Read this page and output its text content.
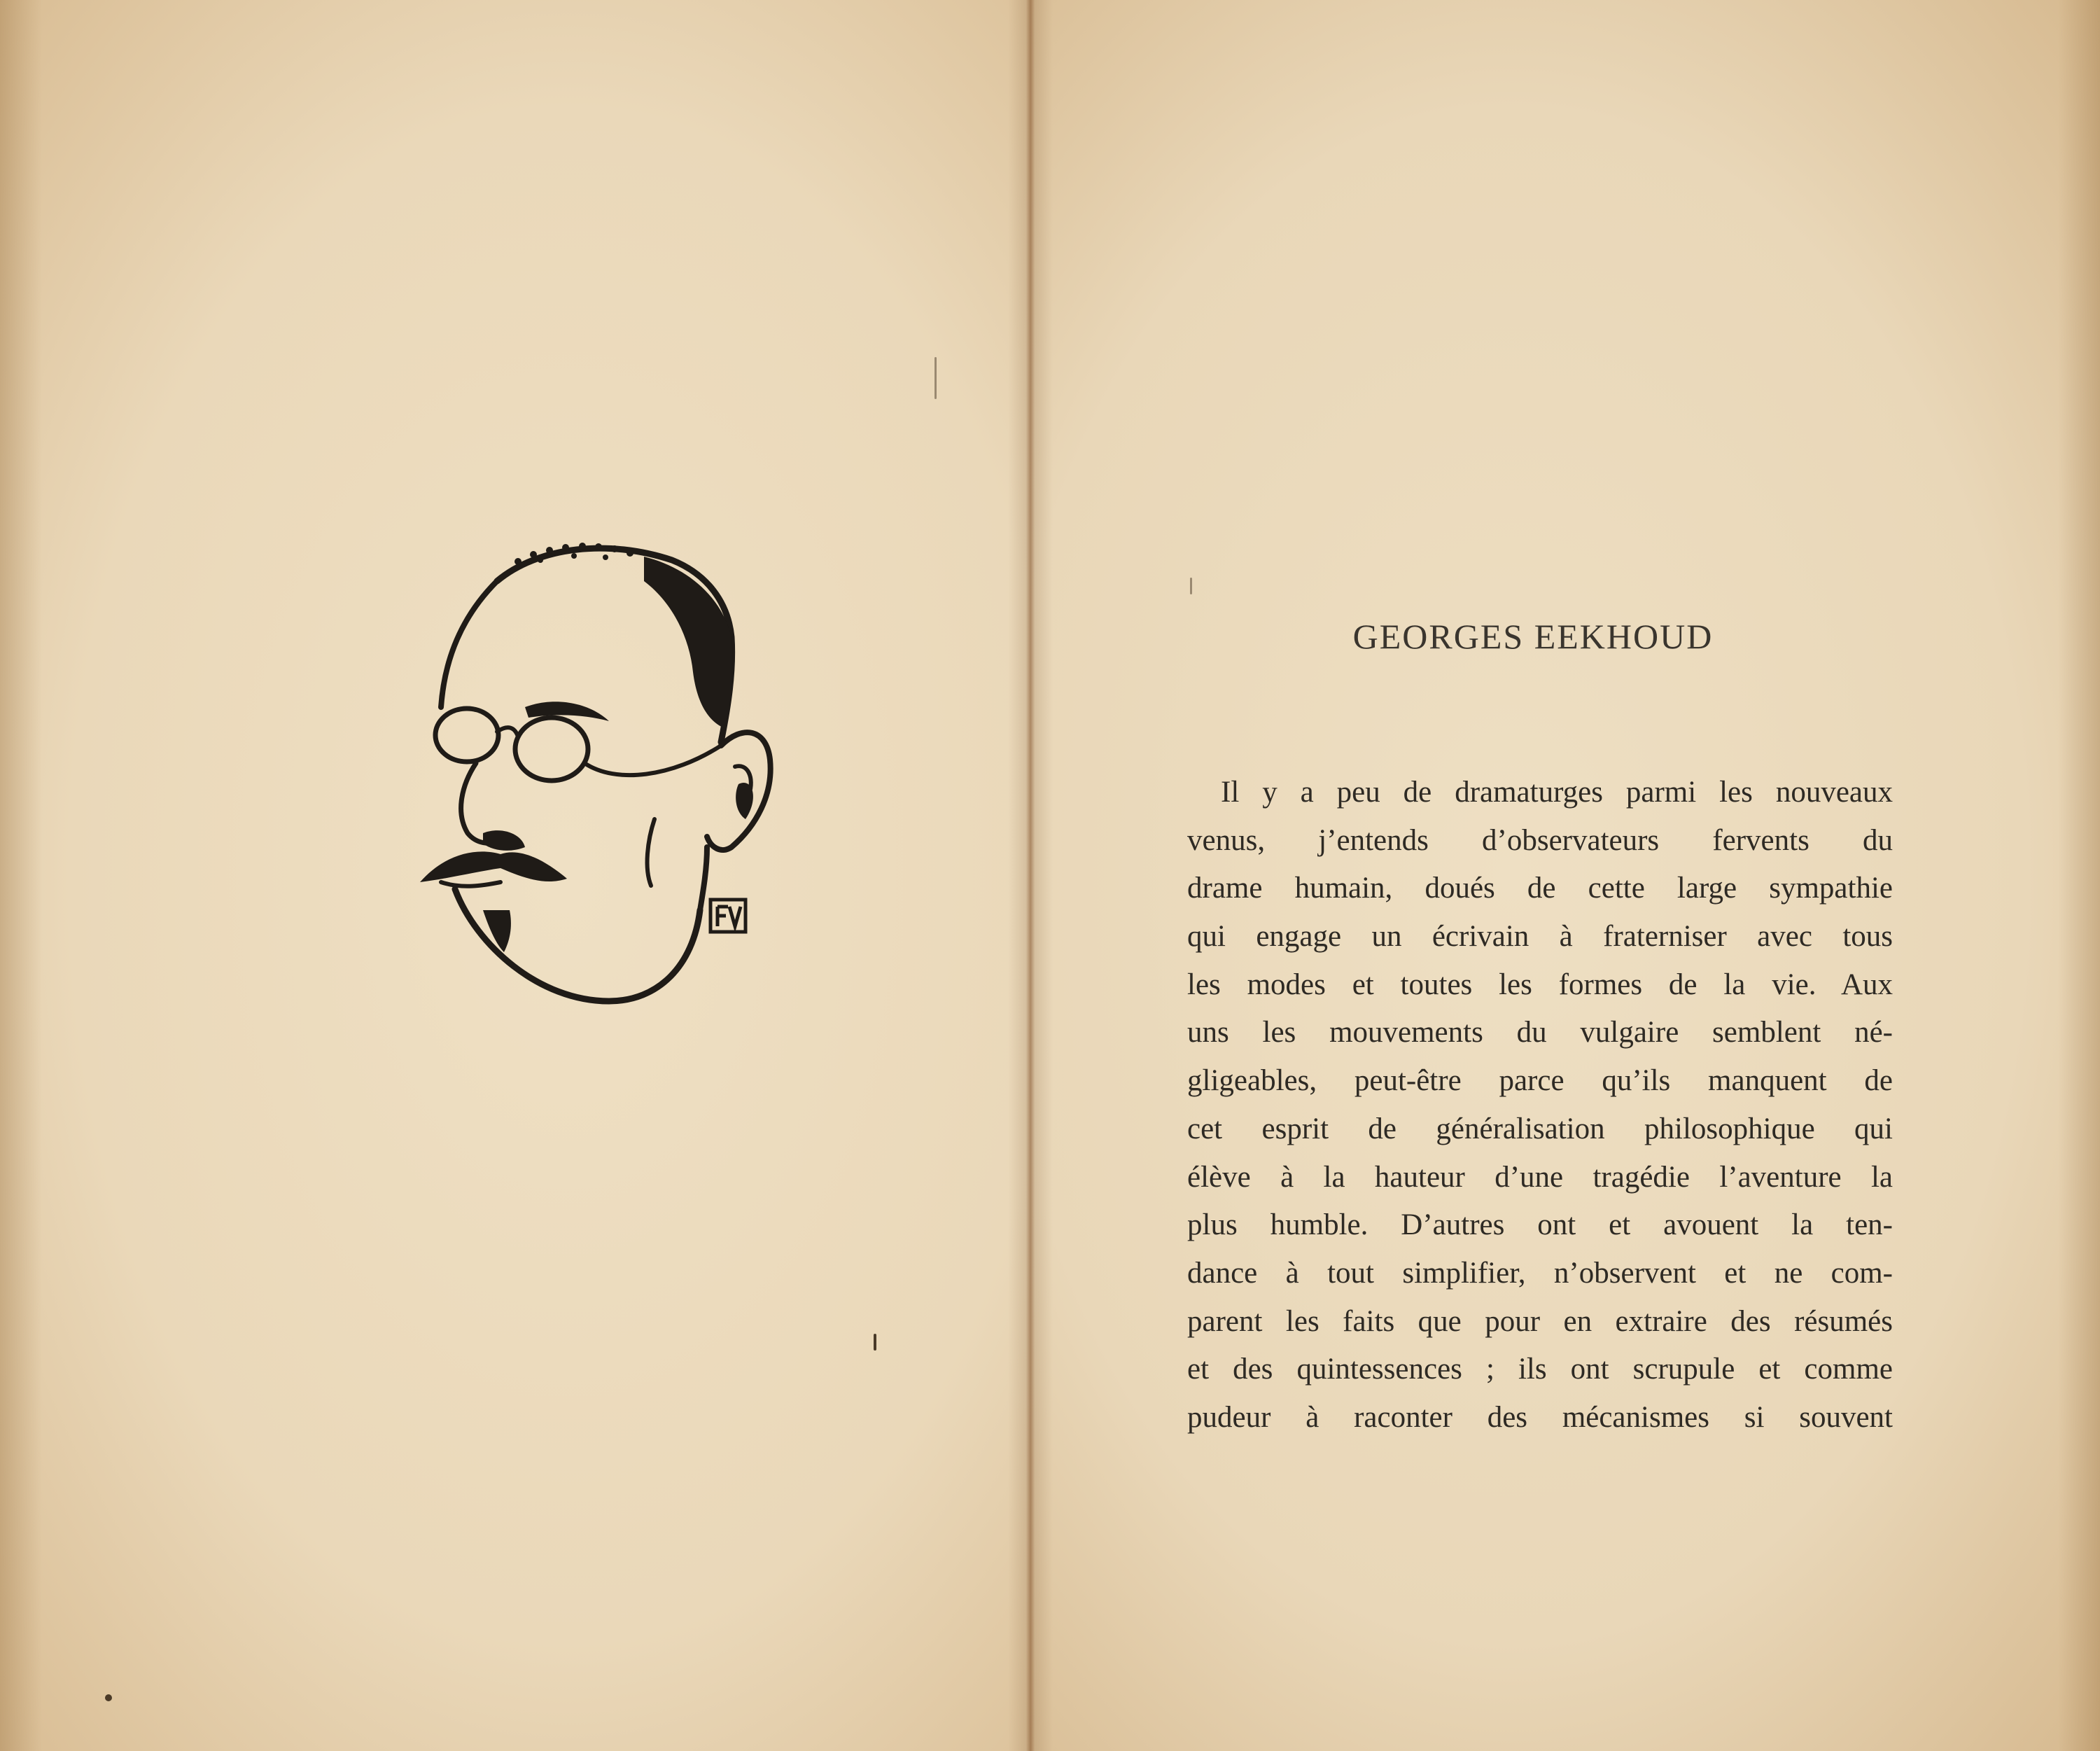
GEORGES EEKHOUD
Il y a peu de dramaturges parmi les nouveaux
venus, j’entends d’observateurs fervents du
drame humain, doués de cette large sympathie
qui engage un écrivain à fraterniser avec tous
les modes et toutes les formes de la vie. Aux
uns les mouvements du vulgaire semblent né-
gligeables, peut-être parce qu’ils manquent de
cet esprit de généralisation philosophique qui
élève à la hauteur d’une tragédie l’aventure la
plus humble. D’autres ont et avouent la ten-
dance à tout simplifier, n’observent et ne com-
parent les faits que pour en extraire des résumés
et des quintessences ; ils ont scrupule et comme
pudeur à raconter des mécanismes si souvent
